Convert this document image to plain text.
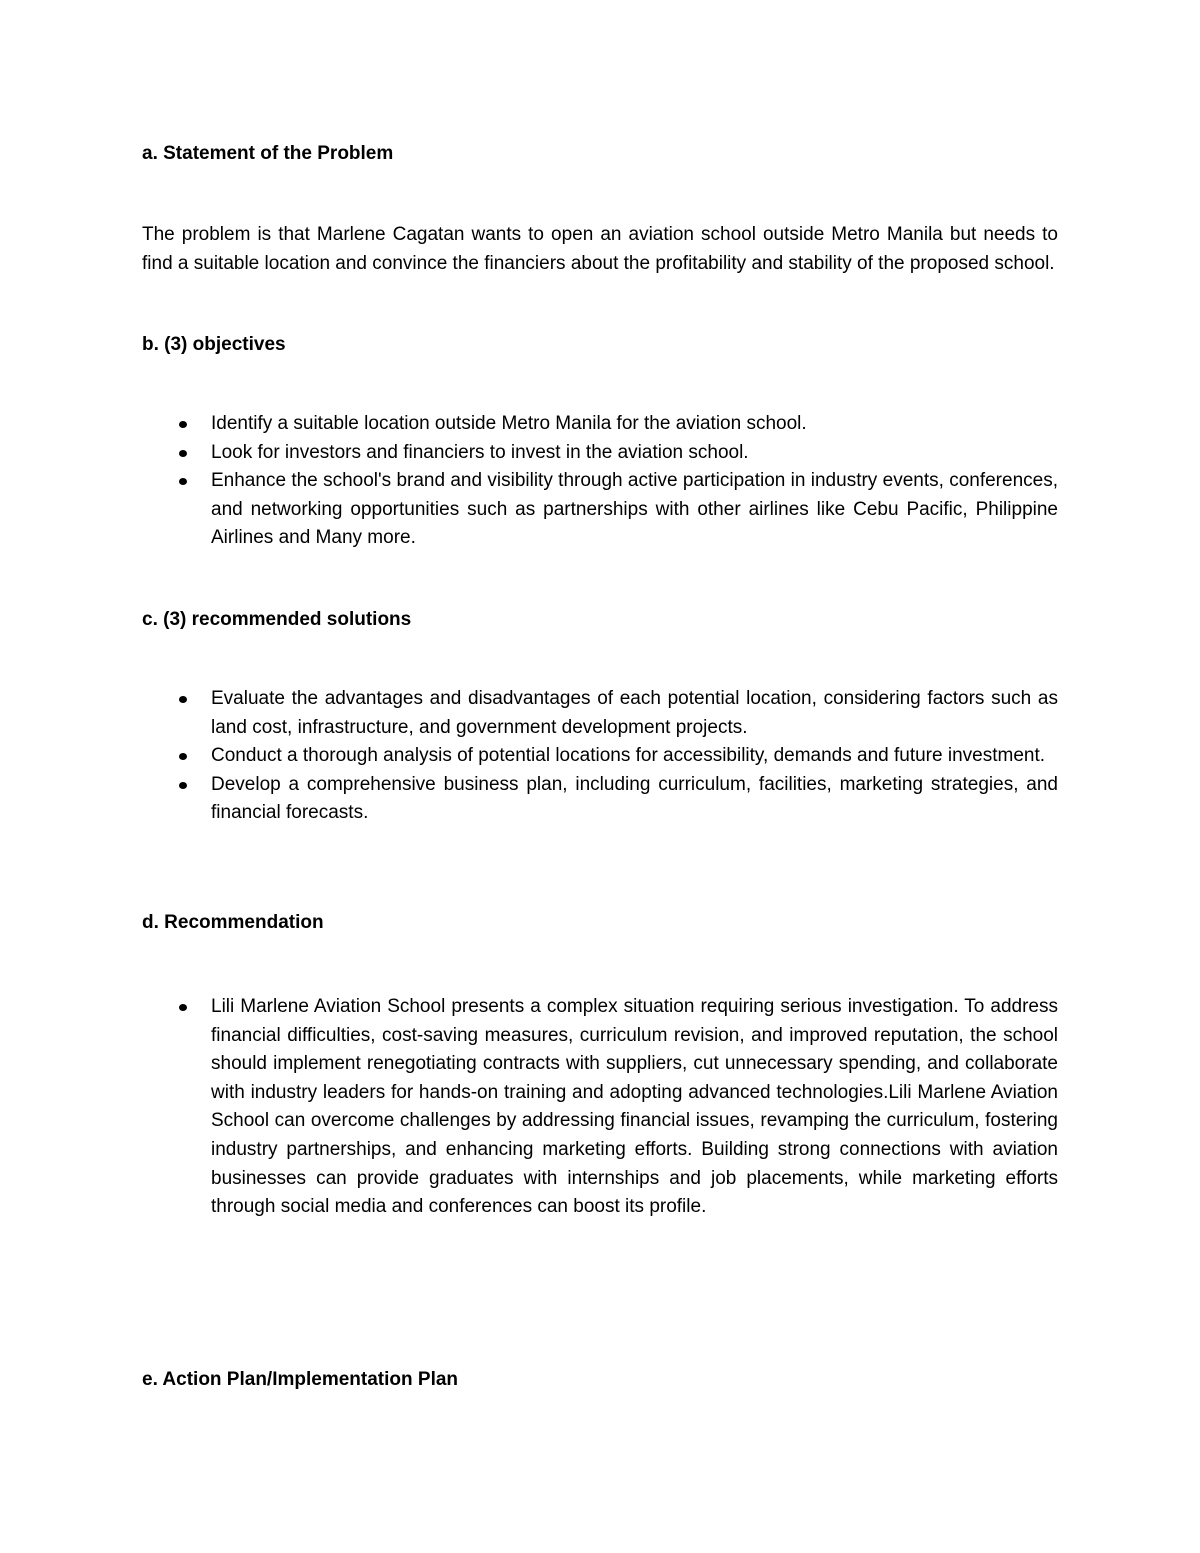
a. Statement of the Problem

The problem is that Marlene Cagatan wants to open an aviation school outside Metro Manila but needs to find a suitable location and convince the financiers about the profitability and stability of the proposed school.

b. (3) objectives
Identify a suitable location outside Metro Manila for the aviation school.
Look for investors and financiers to invest in the aviation school.
Enhance the school's brand and visibility through active participation in industry events, conferences, and networking opportunities such as partnerships with other airlines like Cebu Pacific, Philippine Airlines and Many more.
c. (3) recommended solutions
Evaluate the advantages and disadvantages of each potential location, considering factors such as land cost, infrastructure, and government development projects.
Conduct a thorough analysis of potential locations for accessibility, demands and future investment.
Develop a comprehensive business plan, including curriculum, facilities, marketing strategies, and financial forecasts.
d. Recommendation
Lili Marlene Aviation School presents a complex situation requiring serious investigation. To address financial difficulties, cost-saving measures, curriculum revision, and improved reputation, the school should implement renegotiating contracts with suppliers, cut unnecessary spending, and collaborate with industry leaders for hands-on training and adopting advanced technologies.Lili Marlene Aviation School can overcome challenges by addressing financial issues, revamping the curriculum, fostering industry partnerships, and enhancing marketing efforts. Building strong connections with aviation businesses can provide graduates with internships and job placements, while marketing efforts through social media and conferences can boost its profile.
e. Action Plan/Implementation Plan
